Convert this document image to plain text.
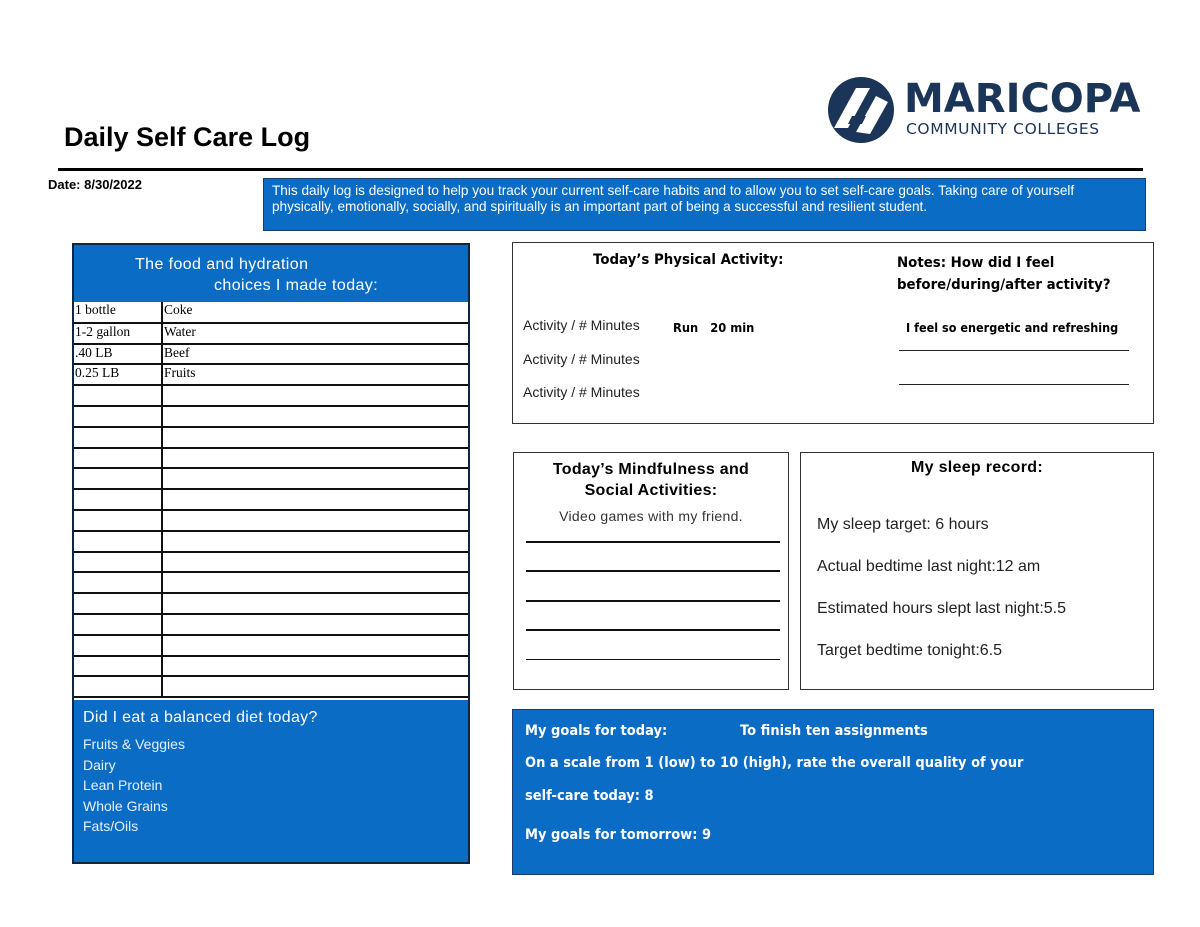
Daily Self Care Log
MARICOPA
COMMUNITY COLLEGES
Date: 8/30/2022	This daily log is designed to help you track your current self-care habits and to allow you to set self-care goals. Taking care of yourself physically, emotionally, socially, and spiritually is an important part of being a successful and resilient student.
The food and hydration
choices I made today:
1 bottle	Coke
1-2 gallon	Water
.40 LB	Beef
0.25 LB	Fruits

Did I eat a balanced diet today?
Fruits & Veggies
Dairy
Lean Protein
Whole Grains
Fats/Oils
Today’s Physical Activity:	Notes: How did I feel
before/during/after activity?
Activity / # Minutes
Activity / # Minutes
Activity / # Minutes
Run   20 min	I feel so energetic and refreshing
Today’s Mindfulness and
Social Activities:
Video games with my friend.
My sleep record:
My sleep target: 6 hours
Actual bedtime last night:12 am
Estimated hours slept last night:5.5
Target bedtime tonight:6.5
My goals for today:	To finish ten assignments
On a scale from 1 (low) to 10 (high), rate the overall quality of your
self-care today: 8
My goals for tomorrow: 9
